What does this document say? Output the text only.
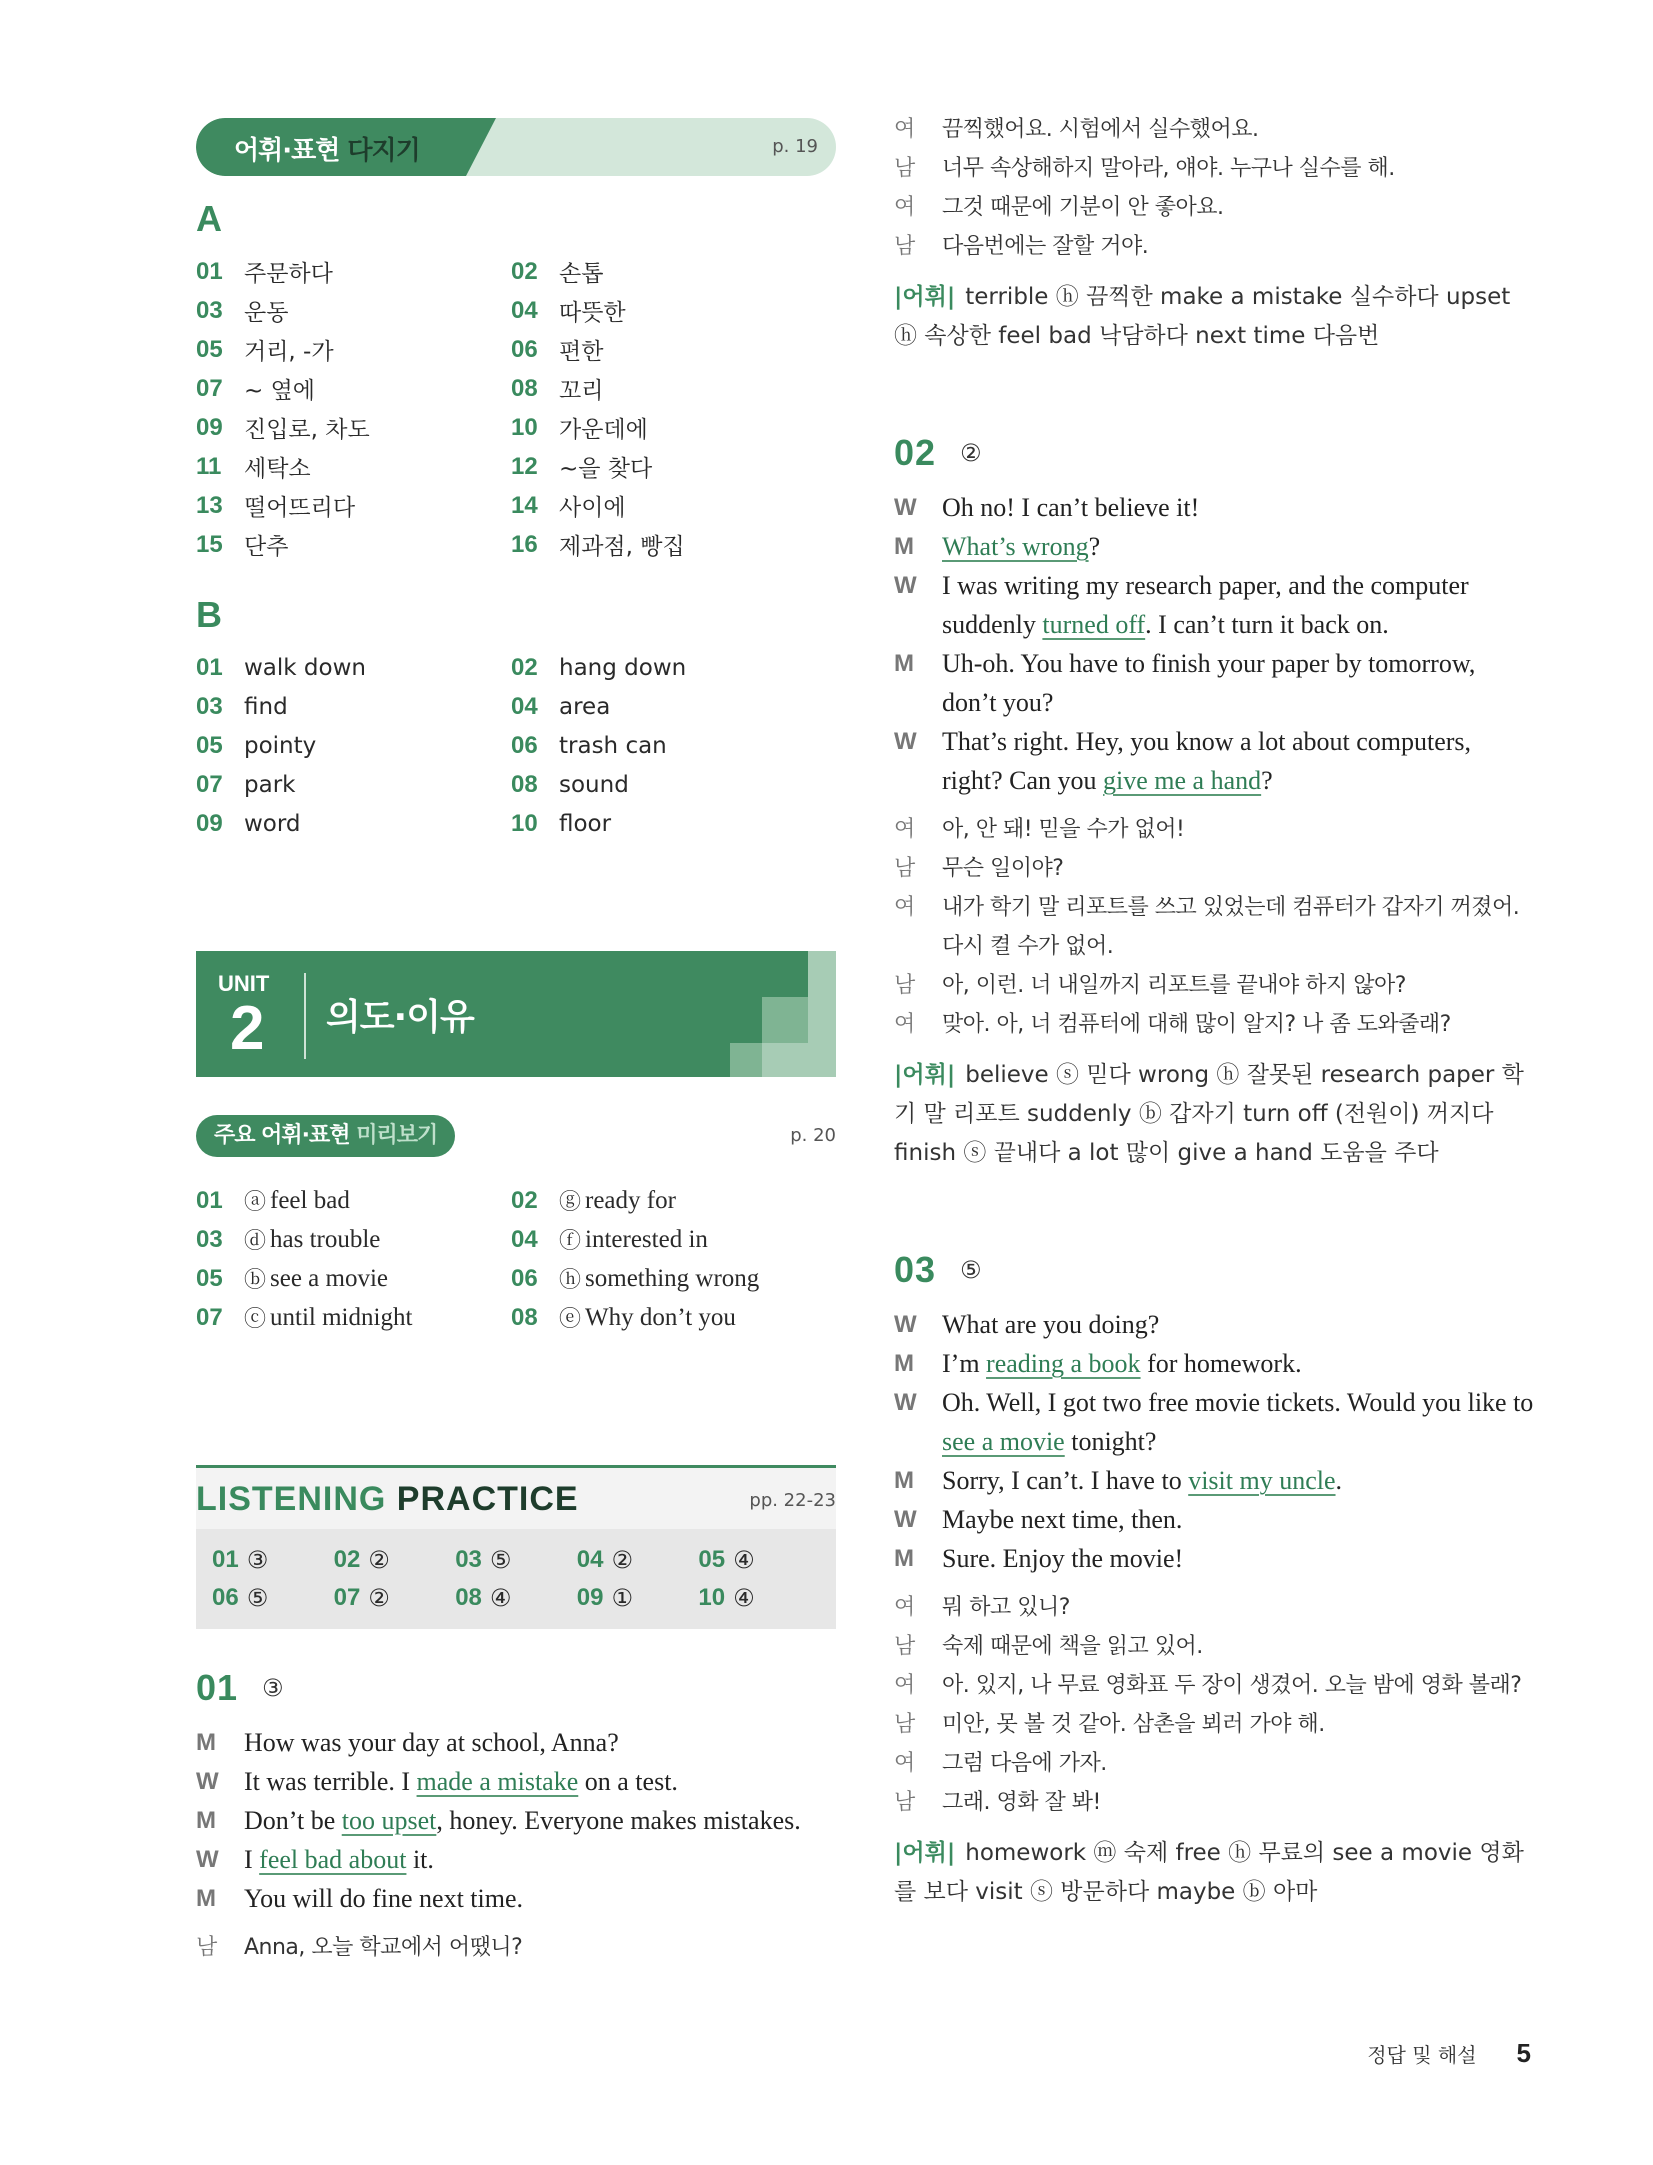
어휘·표현 다지기	p. 19
A
01 주문하다	02 손톱
03 운동	04 따뜻한
05 거리, -가	06 편한
07 ~ 옆에	08 꼬리
09 진입로, 차도	10 가운데에
11 세탁소	12 ~을 찾다
13 떨어뜨리다	14 사이에
15 단추	16 제과점, 빵집
B
01 walk down	02 hang down
03 find	04 area
05 pointy	06 trash can
07 park	08 sound
09 word	10 floor
UNIT
2 의도·이유
주요 어휘·표현 미리보기	p. 20
01 ⓐ feel bad	02 ⓖ ready for
03 ⓓ has trouble	04 ⓕ interested in
05 ⓑ see a movie	06 ⓗ something wrong
07 ⓒ until midnight	08 ⓔ Why don’t you
LISTENING PRACTICE	pp. 22-23
01 ③	02 ②	03 ⑤	04 ②	05 ④
06 ⑤	07 ②	08 ④	09 ①	10 ④
01 ③
M	How was your day at school, Anna?
W It was terrible. I made a mistake on a test.
M	Don’t be too upset, honey. Everyone makes mistakes.
W I feel bad about it.
M	You will do fine next time.
남	Anna, 오늘 학교에서 어땠니?
여	끔찍했어요. 시험에서 실수했어요.
남	너무 속상해하지 말아라, 얘야. 누구나 실수를 해.
여	그것 때문에 기분이 안 좋아요.
남	다음번에는 잘할 거야.
|어휘| terrible ⓗ 끔찍한 make a mistake 실수하다 upset ⓗ 속상한 feel bad 낙담하다 next time 다음번
02 ②
W Oh no! I can’t believe it!
M	What’s wrong?
W I was writing my research paper, and the computer suddenly turned off. I can’t turn it back on.
M	Uh-oh. You have to finish your paper by tomorrow, don’t you?
W That’s right. Hey, you know a lot about computers, right? Can you give me a hand?
여	아, 안 돼! 믿을 수가 없어!
남	무슨 일이야?
여	내가 학기 말 리포트를 쓰고 있었는데 컴퓨터가 갑자기 꺼졌어. 다시 켤 수가 없어.
남	아, 이런. 너 내일까지 리포트를 끝내야 하지 않아?
여	맞아. 아, 너 컴퓨터에 대해 많이 알지? 나 좀 도와줄래?
|어휘| believe ⓢ 믿다 wrong ⓗ 잘못된 research paper 학기 말 리포트 suddenly ⓑ 갑자기 turn off (전원이) 꺼지다 finish ⓢ 끝내다 a lot 많이 give a hand 도움을 주다
03 ⑤
W What are you doing?
M	I’m reading a book for homework.
W Oh. Well, I got two free movie tickets. Would you like to see a movie tonight?
M	Sorry, I can’t. I have to visit my uncle.
W Maybe next time, then.
M	Sure. Enjoy the movie!
여	뭐 하고 있니?
남	숙제 때문에 책을 읽고 있어.
여	아. 있지, 나 무료 영화표 두 장이 생겼어. 오늘 밤에 영화 볼래?
남	미안, 못 볼 것 같아. 삼촌을 뵈러 가야 해.
여	그럼 다음에 가자.
남	그래. 영화 잘 봐!
|어휘| homework ⓜ 숙제 free ⓗ 무료의 see a movie 영화를 보다 visit ⓢ 방문하다 maybe ⓑ 아마
정답 및 해설 5
